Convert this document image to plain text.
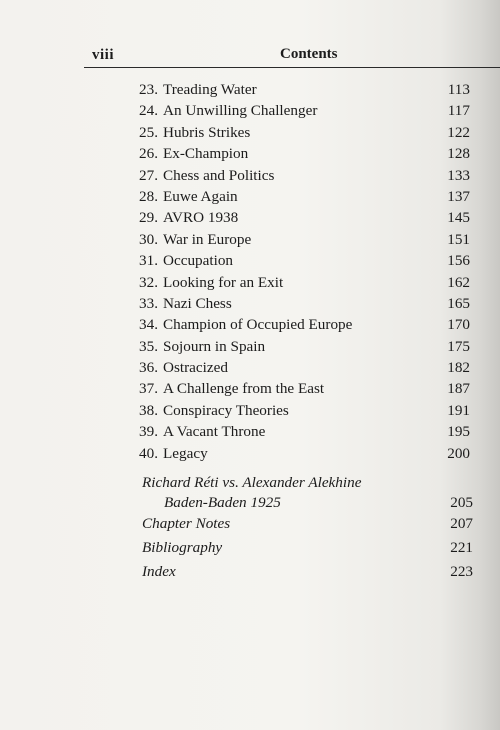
viii	Contents
23. Treading Water	113
24. An Unwilling Challenger	117
25. Hubris Strikes	122
26. Ex-Champion	128
27. Chess and Politics	133
28. Euwe Again	137
29. AVRO 1938	145
30. War in Europe	151
31. Occupation	156
32. Looking for an Exit	162
33. Nazi Chess	165
34. Champion of Occupied Europe	170
35. Sojourn in Spain	175
36. Ostracized	182
37. A Challenge from the East	187
38. Conspiracy Theories	191
39. A Vacant Throne	195
40. Legacy	200
Richard Réti vs. Alexander Alekhine
Baden-Baden 1925	205
Chapter Notes	207
Bibliography	221
Index	223
